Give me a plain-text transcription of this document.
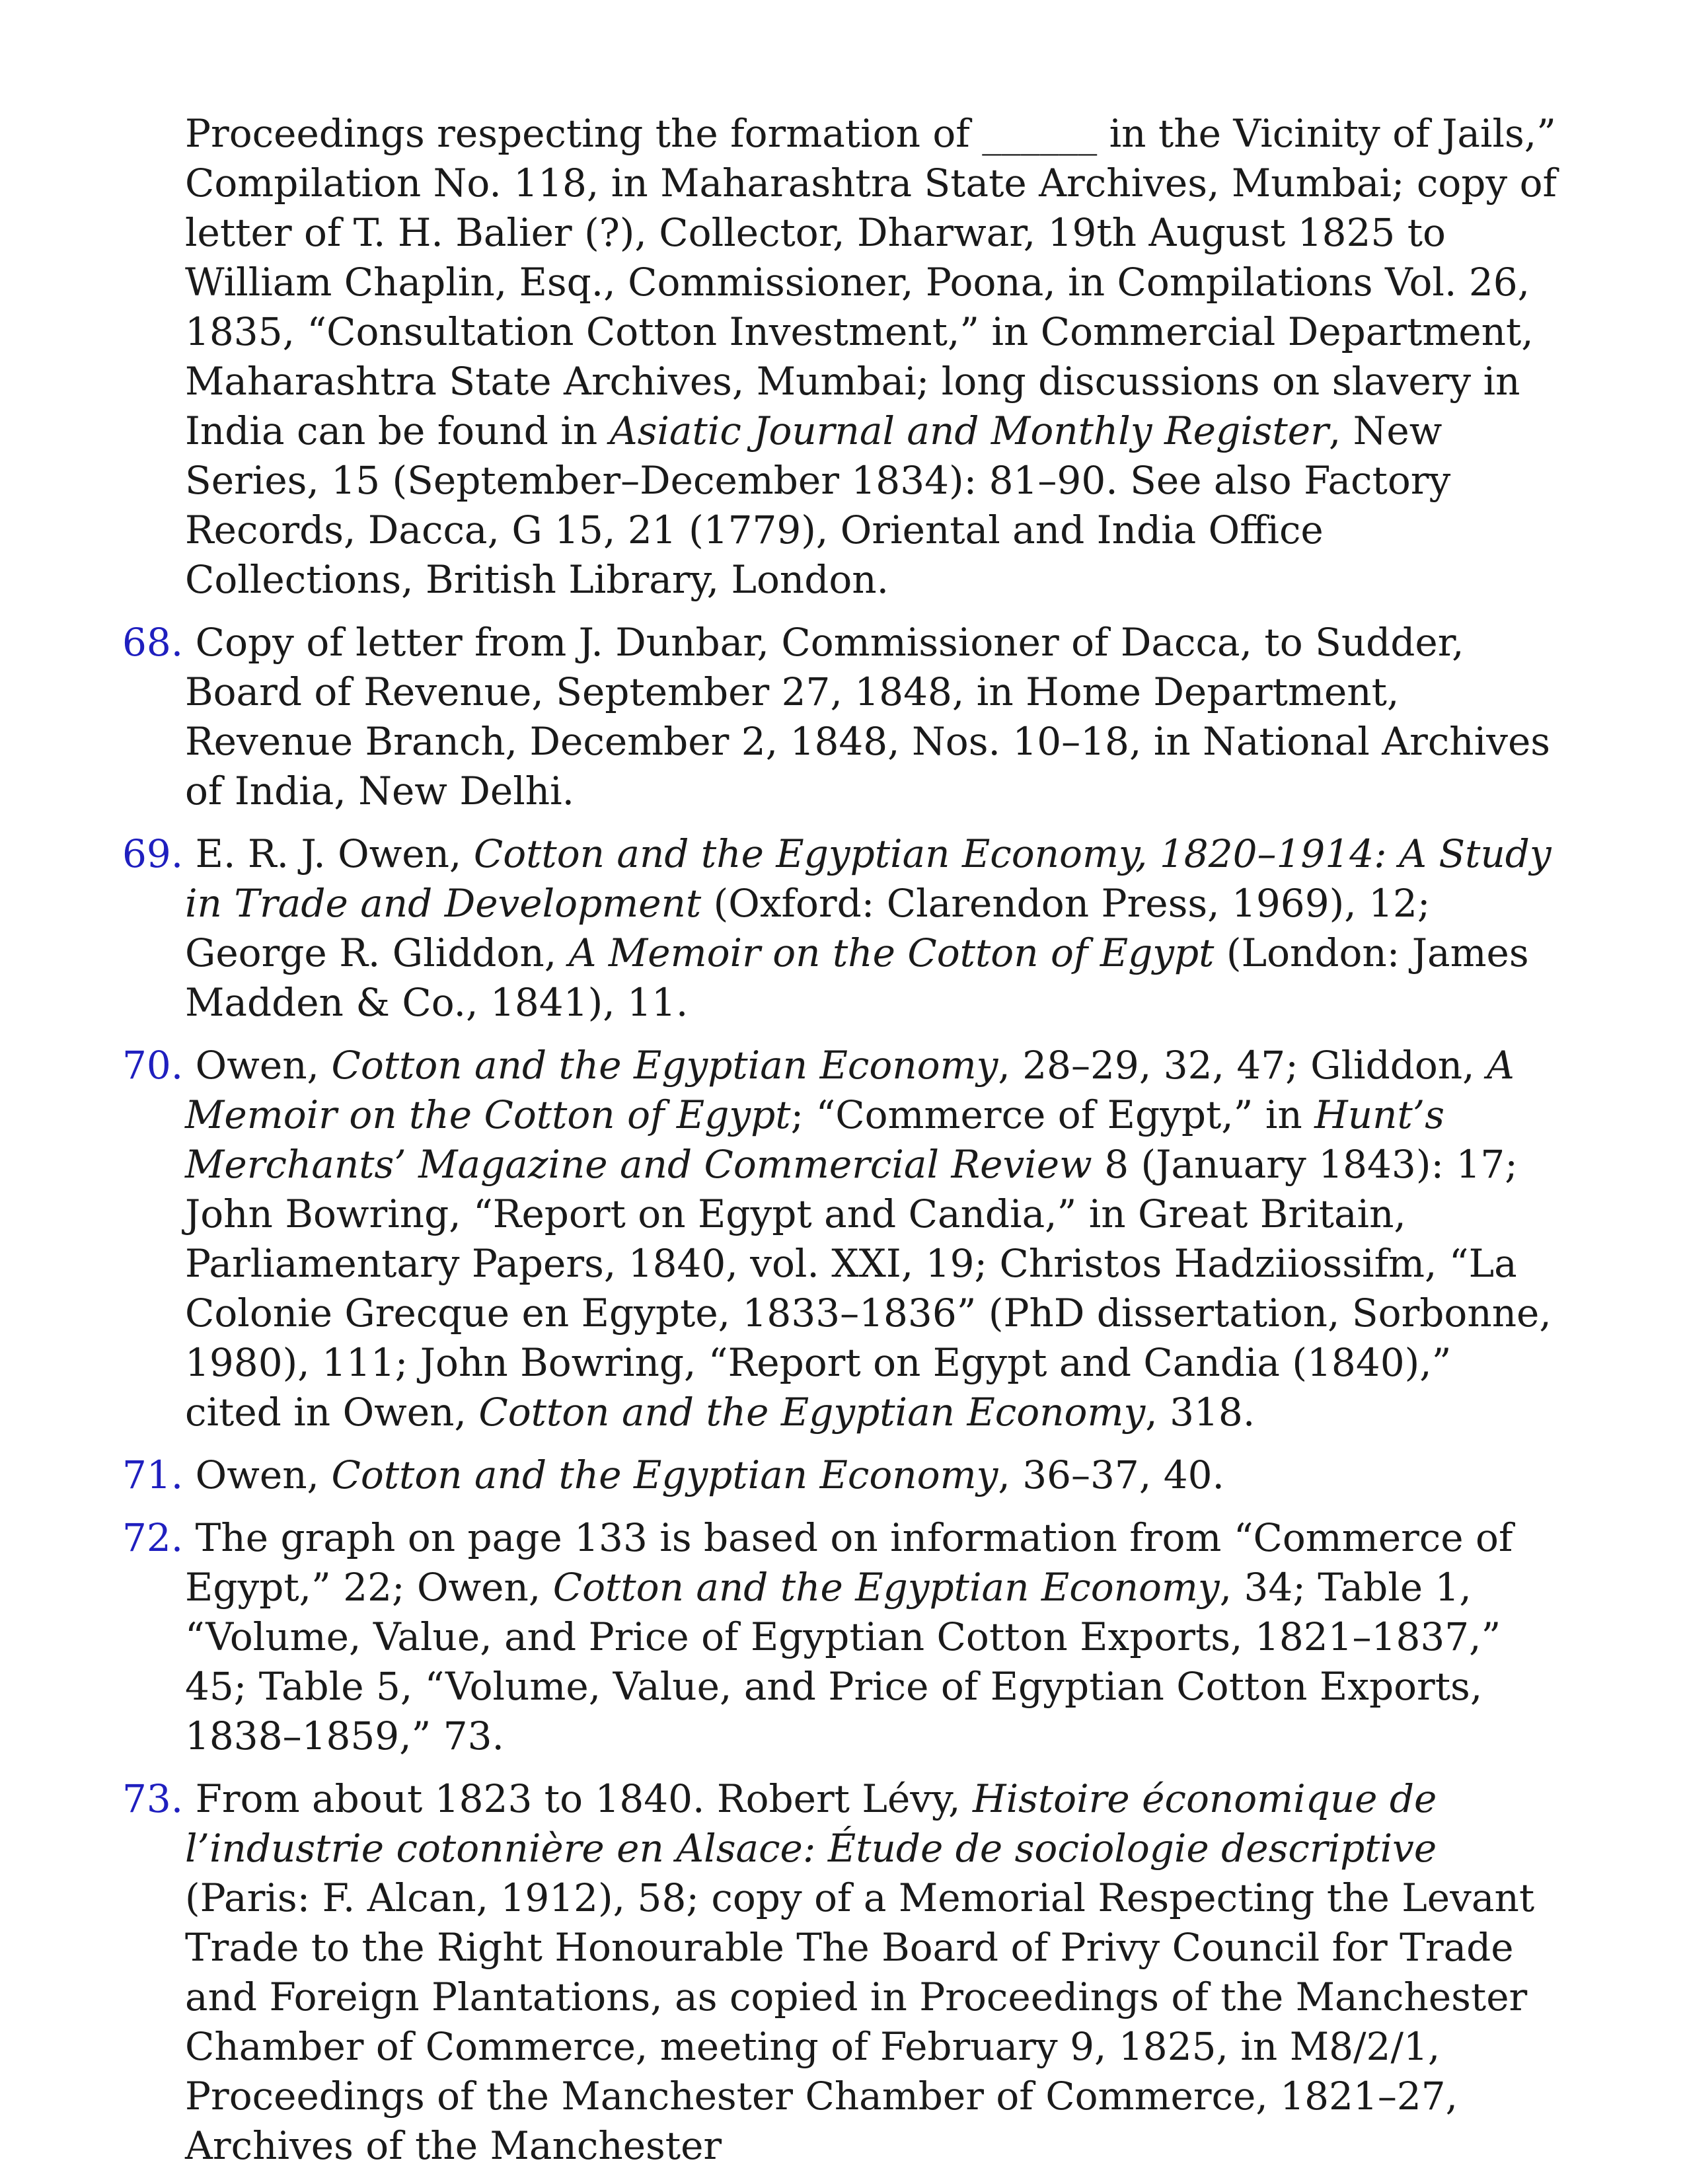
Proceedings respecting the formation of ______ in the Vicinity of Jails,” Compilation No. 118, in Maharashtra State Archives, Mumbai; copy of letter of T. H. Balier (?), Collector, Dharwar, 19th August 1825 to William Chaplin, Esq., Commissioner, Poona, in Compilations Vol. 26, 1835, “Consultation Cotton Investment,” in Commercial Department, Maharashtra State Archives, Mumbai; long discussions on slavery in India can be found in Asiatic Journal and Monthly Register, New Series, 15 (September–December 1834): 81–90. See also Factory Records, Dacca, G 15, 21 (1779), Oriental and India Office Collections, British Library, London.

68. Copy of letter from J. Dunbar, Commissioner of Dacca, to Sudder, Board of Revenue, September 27, 1848, in Home Department, Revenue Branch, December 2, 1848, Nos. 10–18, in National Archives of India, New Delhi.

69. E. R. J. Owen, Cotton and the Egyptian Economy, 1820–1914: A Study in Trade and Development (Oxford: Clarendon Press, 1969), 12; George R. Gliddon, A Memoir on the Cotton of Egypt (London: James Madden & Co., 1841), 11.

70. Owen, Cotton and the Egyptian Economy, 28–29, 32, 47; Gliddon, A Memoir on the Cotton of Egypt; “Commerce of Egypt,” in Hunt’s Merchants’ Magazine and Commercial Review 8 (January 1843): 17; John Bowring, “Report on Egypt and Candia,” in Great Britain, Parliamentary Papers, 1840, vol. XXI, 19; Christos Hadziiossifm, “La Colonie Grecque en Egypte, 1833–1836” (PhD dissertation, Sorbonne, 1980), 111; John Bowring, “Report on Egypt and Candia (1840),” cited in Owen, Cotton and the Egyptian Economy, 318.

71. Owen, Cotton and the Egyptian Economy, 36–37, 40.

72. The graph on page 133 is based on information from “Commerce of Egypt,” 22; Owen, Cotton and the Egyptian Economy, 34; Table 1, “Volume, Value, and Price of Egyptian Cotton Exports, 1821–1837,” 45; Table 5, “Volume, Value, and Price of Egyptian Cotton Exports, 1838–1859,” 73.

73. From about 1823 to 1840. Robert Lévy, Histoire économique de l’industrie cotonnière en Alsace: Étude de sociologie descriptive (Paris: F. Alcan, 1912), 58; copy of a Memorial Respecting the Levant Trade to the Right Honourable The Board of Privy Council for Trade and Foreign Plantations, as copied in Proceedings of the Manchester Chamber of Commerce, meeting of February 9, 1825, in M8/2/1, Proceedings of the Manchester Chamber of Commerce, 1821–27, Archives of the Manchester
